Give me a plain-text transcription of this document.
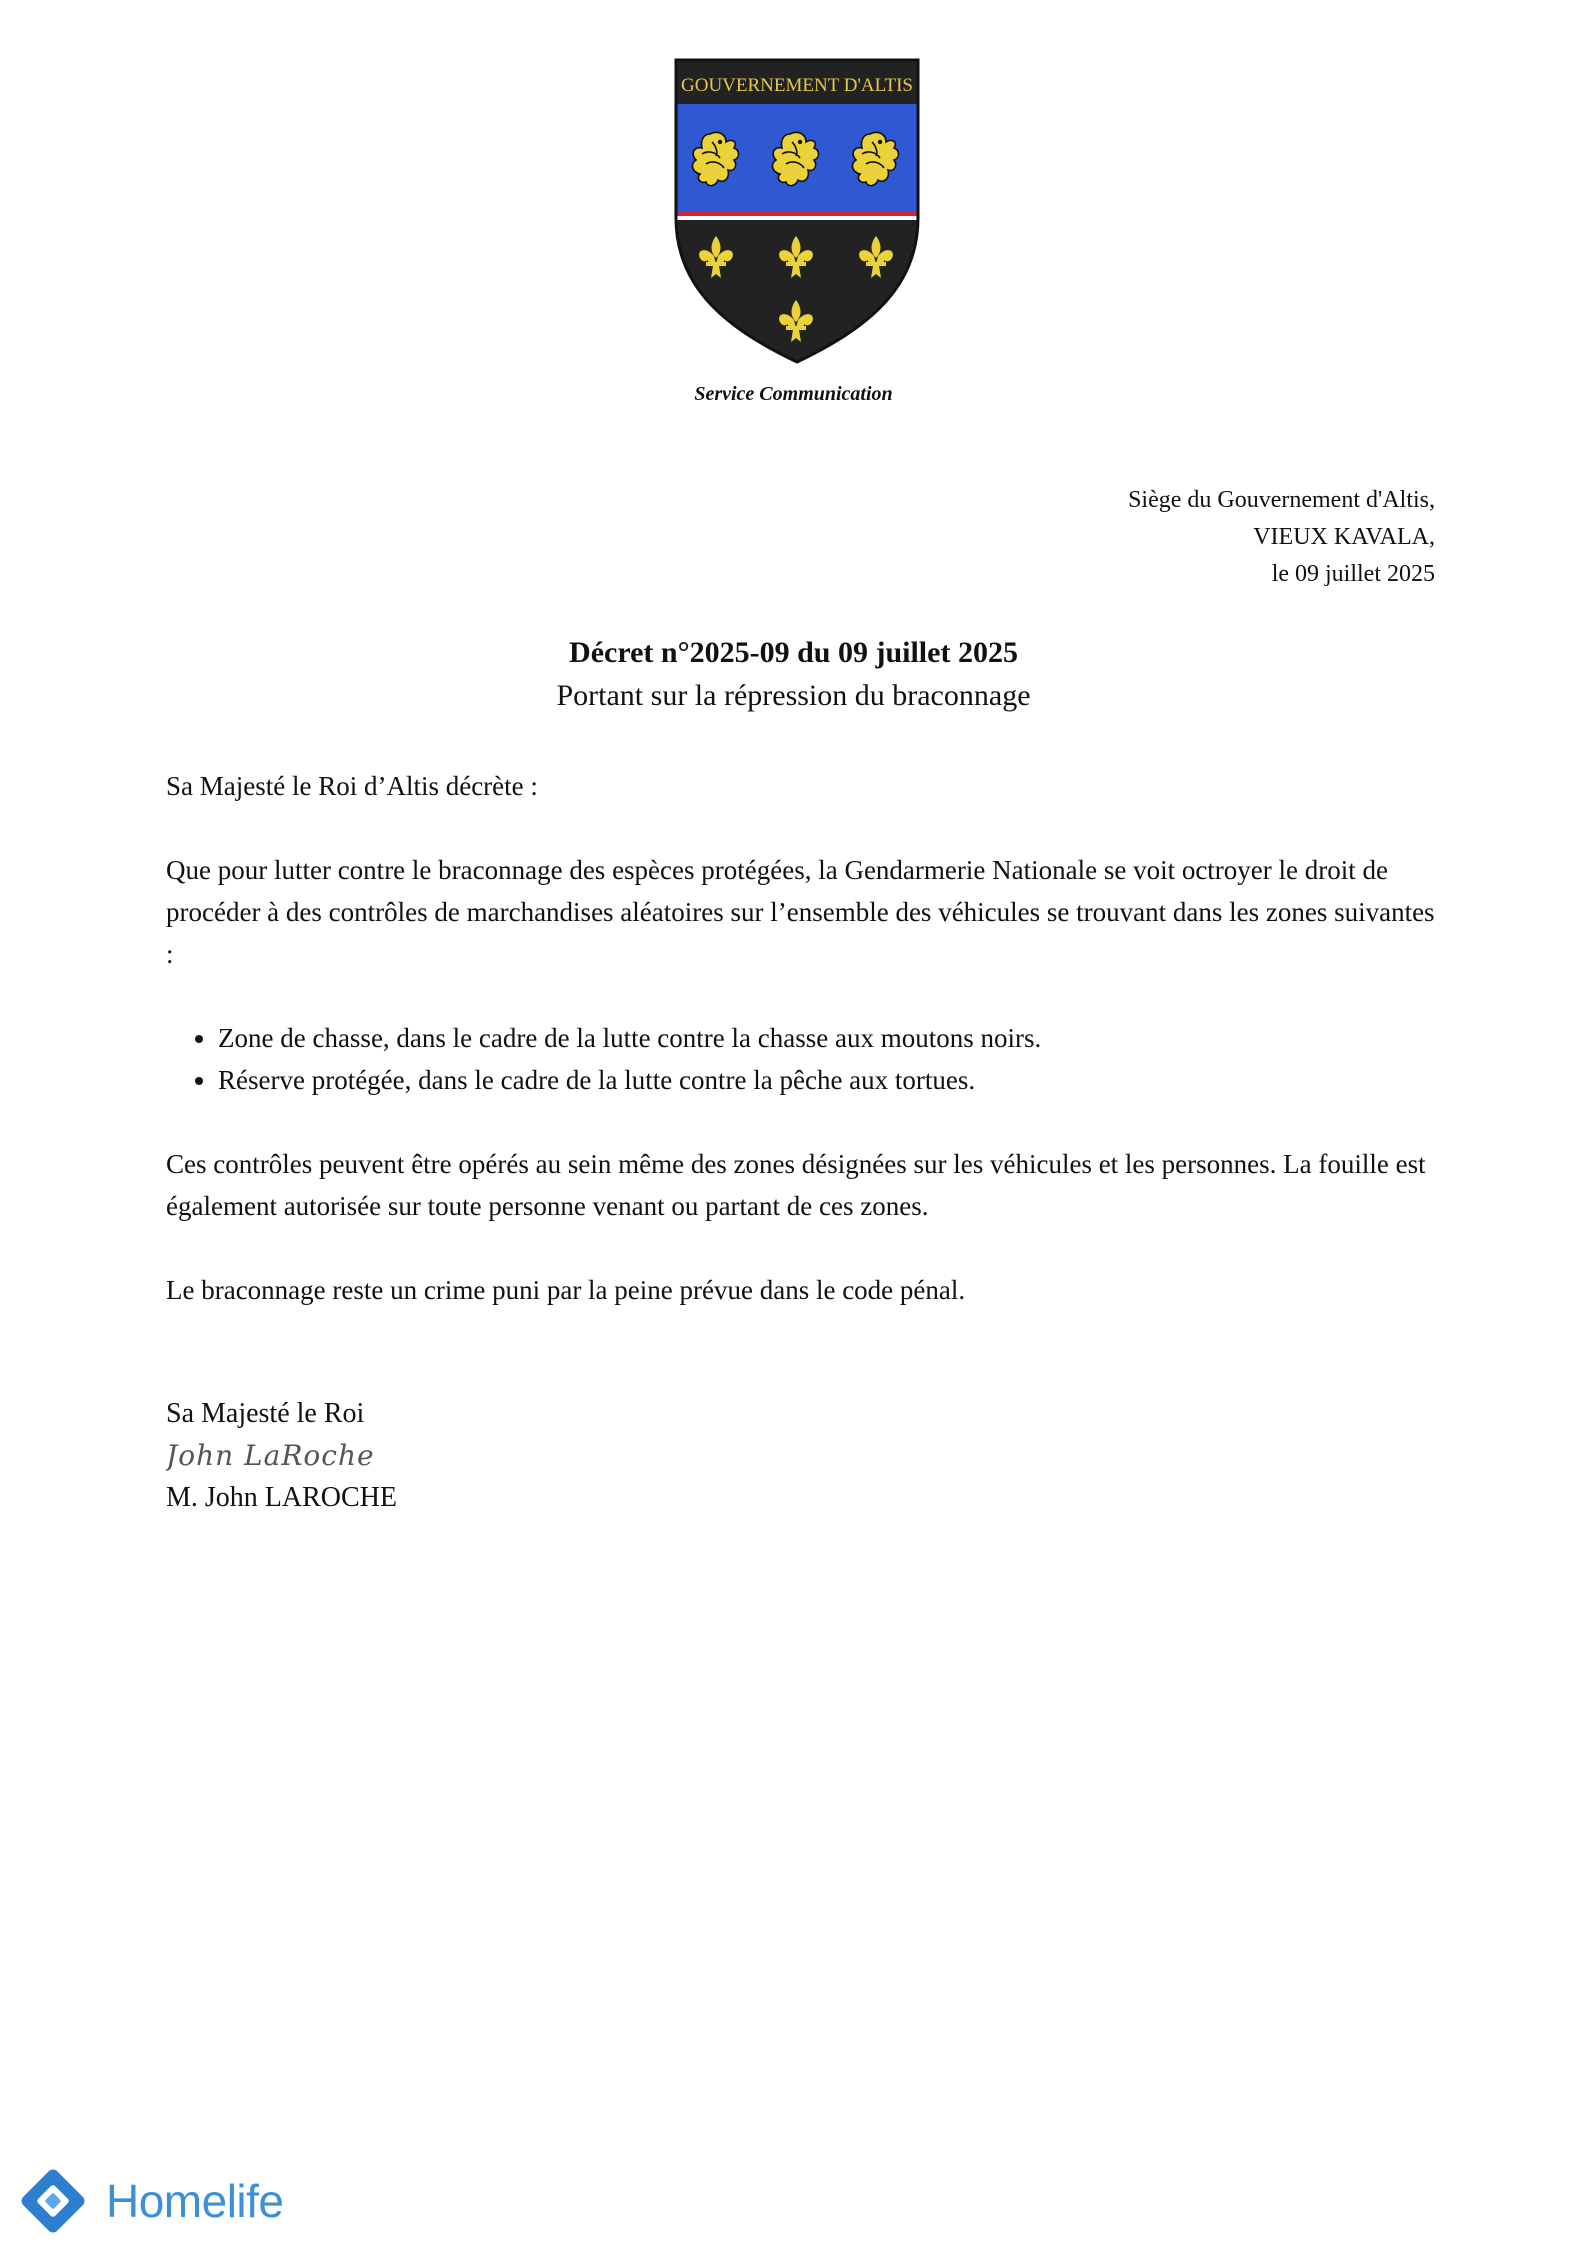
GOUVERNEMENT D'ALTIS
Service Communication
Siège du Gouvernement d'Altis,
VIEUX KAVALA,
le 09 juillet 2025
Décret n°2025-09 du 09 juillet 2025
Portant sur la répression du braconnage

Sa Majesté le Roi d’Altis décrète :

Que pour lutter contre le braconnage des espèces protégées, la Gendarmerie Nationale se voit octroyer le droit de procéder à des contrôles de marchandises aléatoires sur l’ensemble des véhicules se trouvant dans les zones suivantes :

• Zone de chasse, dans le cadre de la lutte contre la chasse aux moutons noirs.
• Réserve protégée, dans le cadre de la lutte contre la pêche aux tortues.

Ces contrôles peuvent être opérés au sein même des zones désignées sur les véhicules et les personnes. La fouille est également autorisée sur toute personne venant ou partant de ces zones.

Le braconnage reste un crime puni par la peine prévue dans le code pénal.

Sa Majesté le Roi
John LaRoche
M. John LAROCHE
Homelife
